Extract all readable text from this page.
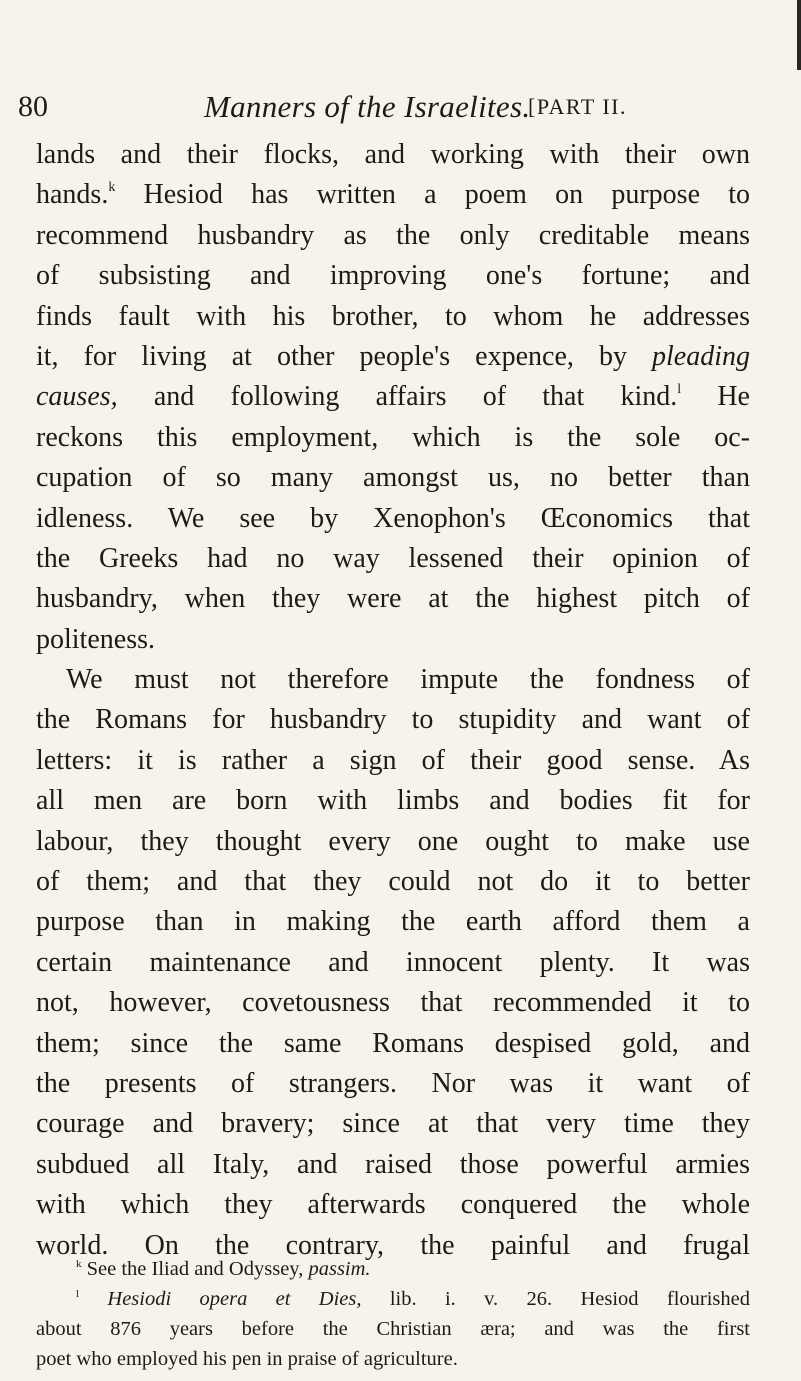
80	Manners of the Israelites.
[PART II.
lands and their flocks, and working with their own
hands.$^k$ Hesiod has written a poem on purpose to
recommend husbandry as the only creditable means
of subsisting and improving one's fortune; and
finds fault with his brother, to whom he addresses
it, for living at other people's expence, by pleading
causes, and following affairs of that kind.$^l$ He
reckons this employment, which is the sole oc-
cupation of so many amongst us, no better than
idleness. We see by Xenophon's Œconomics that
the Greeks had no way lessened their opinion of
husbandry, when they were at the highest pitch of
politeness.
We must not therefore impute the fondness of
the Romans for husbandry to stupidity and want of
letters: it is rather a sign of their good sense. As
all men are born with limbs and bodies fit for
labour, they thought every one ought to make use
of them; and that they could not do it to better
purpose than in making the earth afford them a
certain maintenance and innocent plenty. It was
not, however, covetousness that recommended it to
them; since the same Romans despised gold, and
the presents of strangers. Nor was it want of
courage and bravery; since at that very time they
subdued all Italy, and raised those powerful armies
with which they afterwards conquered the whole
world. On the contrary, the painful and frugal
$^k$ See the Iliad and Odyssey, passim.
$^l$ Hesiodi opera et Dies, lib. i. v. 26. Hesiod flourished
about 876 years before the Christian æra; and was the first
poet who employed his pen in praise of agriculture.
